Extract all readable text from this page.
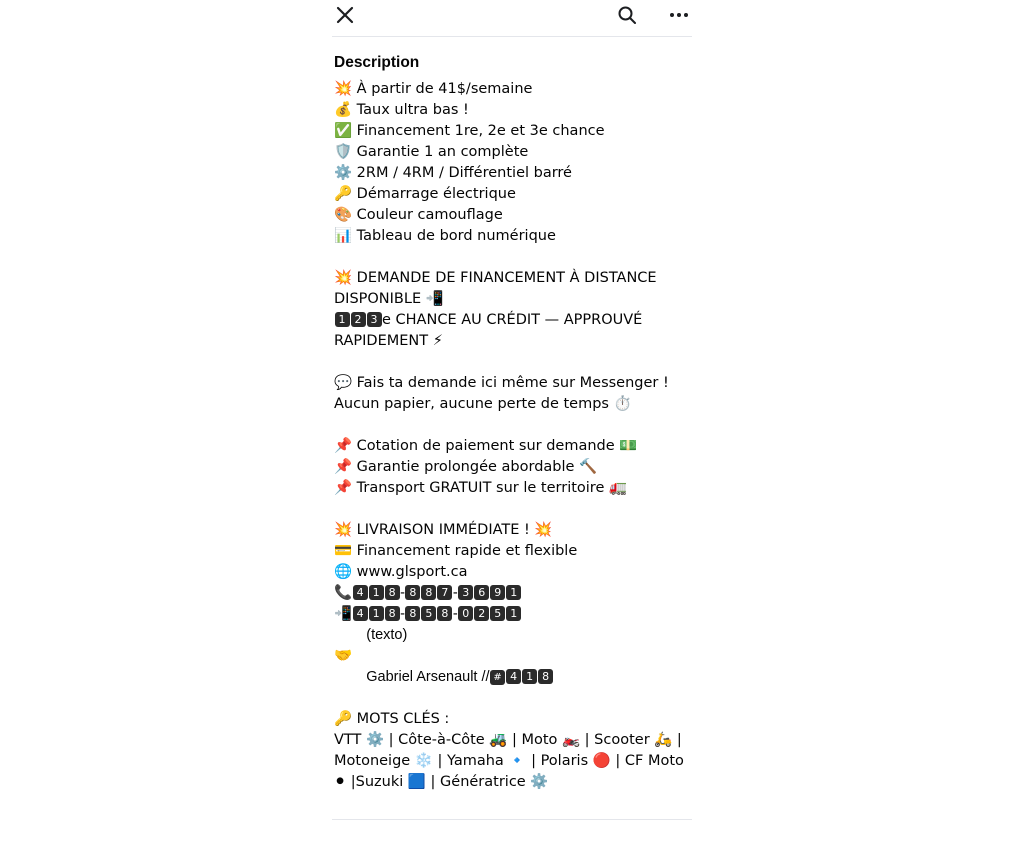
Description
💥 À partir de 41$/semaine
💰 Taux ultra bas !
✅ Financement 1re, 2e et 3e chance
🛡️ Garantie 1 an complète
⚙️ 2RM / 4RM / Différentiel barré
🔑 Démarrage électrique
🎨 Couleur camouflage
📊 Tableau de bord numérique
💥 DEMANDE DE FINANCEMENT À DISTANCE DISPONIBLE 📲
1 2 3 e CHANCE AU CRÉDIT — APPROUVÉ RAPIDEMENT ⚡
💬 Fais ta demande ici même sur Messenger !
Aucun papier, aucune perte de temps ⏱️
📌 Cotation de paiement sur demande 💵
📌 Garantie prolongée abordable 🔨
📌 Transport GRATUIT sur le territoire 🚛
💥 LIVRAISON IMMÉDIATE ! 💥
💳 Financement rapide et flexible
🌐 www.glsport.ca
📞 4 1 8 - 8 8 7 - 3 6 9 1
📲 4 1 8 - 8 5 8 - 0 2 5 1
(texto)
🤝
Gabriel Arsenault // # 4 1 8
🔑 MOTS CLÉS :
VTT ⚙️ | Côte-à-Côte 🚜 | Moto 🏍️ | Scooter 🛵 |
Motoneige ❄️ | Yamaha 🔹 | Polaris 🔴 | CF Moto
⚫ |Suzuki 🟦 | Génératrice ⚙️
